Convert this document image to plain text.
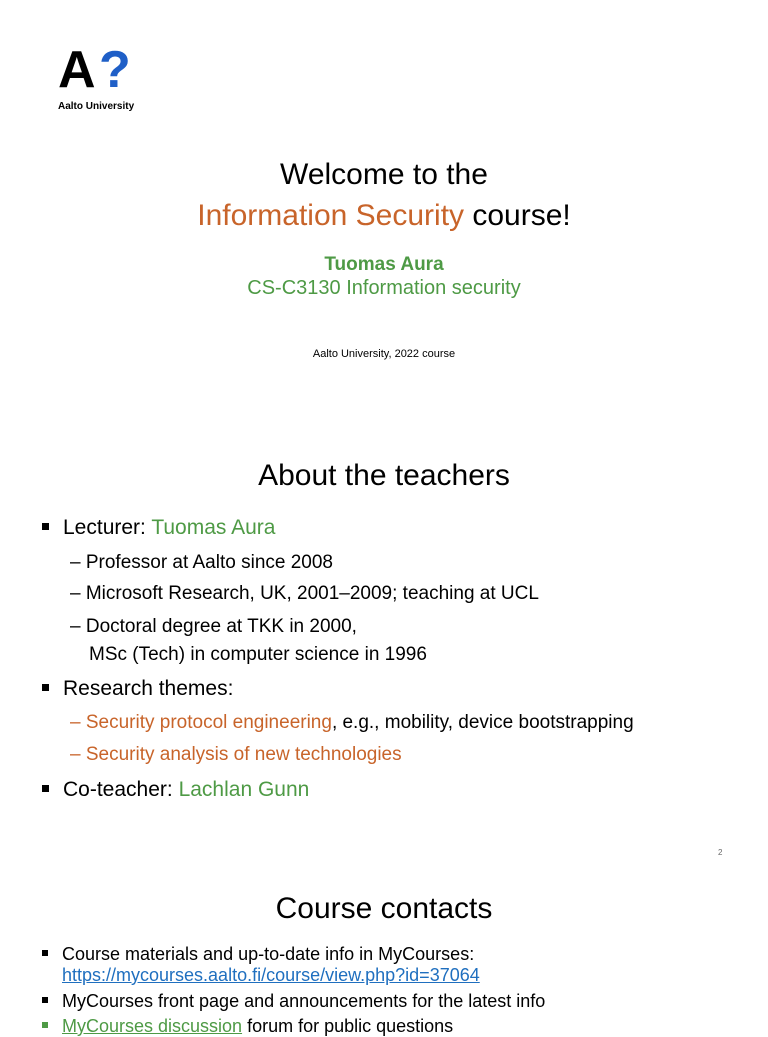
A ?
Aalto University
Welcome to the
Information Security course!
Tuomas Aura
CS-C3130 Information security
Aalto University, 2022 course
About the teachers
Lecturer: Tuomas Aura
– Professor at Aalto since 2008
– Microsoft Research, UK, 2001–2009; teaching at UCL
– Doctoral degree at TKK in 2000,
MSc (Tech) in computer science in 1996
Research themes:
– Security protocol engineering, e.g., mobility, device bootstrapping
– Security analysis of new technologies
Co-teacher: Lachlan Gunn
2
Course contacts
Course materials and up-to-date info in MyCourses:
https://mycourses.aalto.fi/course/view.php?id=37064
MyCourses front page and announcements for the latest info
MyCourses discussion forum for public questions
